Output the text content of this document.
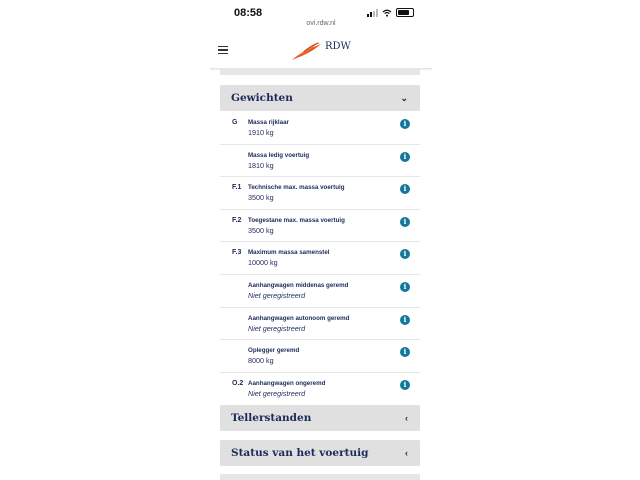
08:58
ovi.rdw.nl
RDW
Gewichten	⌄
G Massa rijklaar
1910 kg
i
Massa ledig voertuig
1810 kg
i
F.1 Technische max. massa voertuig
3500 kg
i
F.2 Toegestane max. massa voertuig
3500 kg
i
F.3 Maximum massa samenstel
10000 kg
i
Aanhangwagen middenas geremd
Niet geregistreerd
i
Aanhangwagen autonoom geremd
Niet geregistreerd
i
Oplegger geremd
8000 kg
i
O.2 Aanhangwagen ongeremd
Niet geregistreerd
i
Tellerstanden	‹
Status van het voertuig	‹
